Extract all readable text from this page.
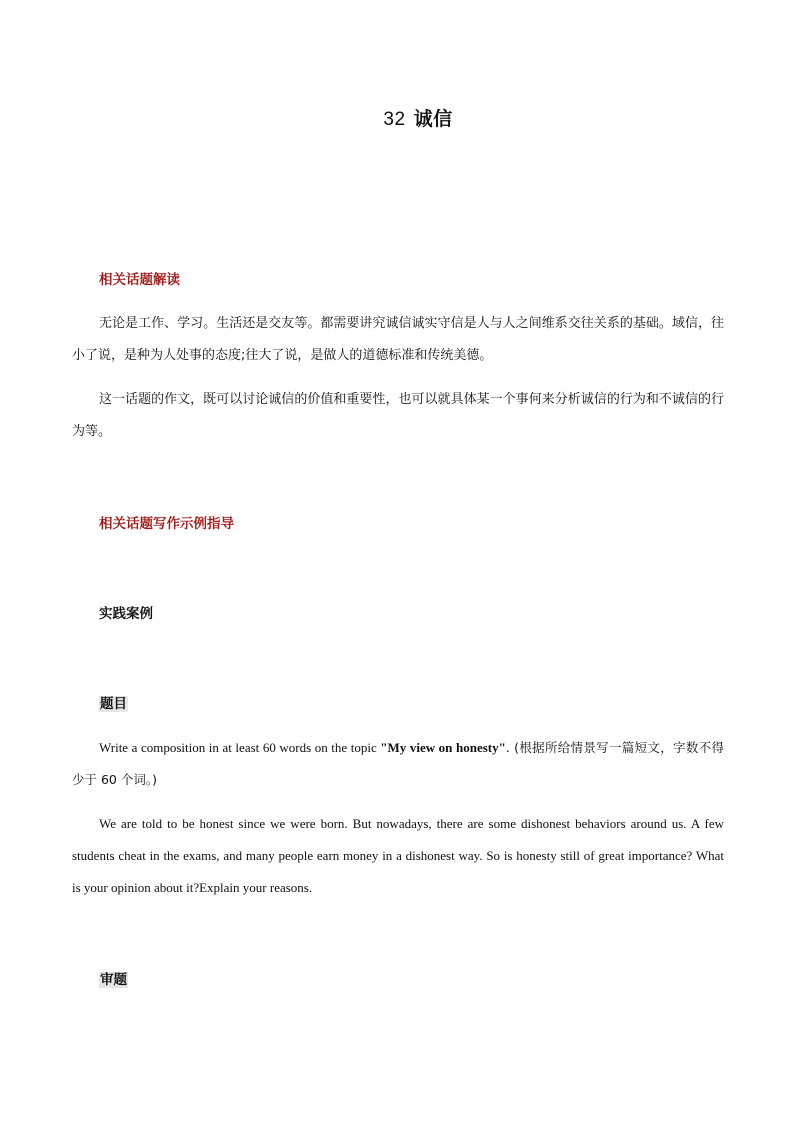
32 诚信
相关话题解读
无论是工作、学习。生活还是交友等。都需要讲究诚信诚实守信是人与人之间维系交往关系的基础。域信，往小了说，是种为人处事的态度;往大了说，是做人的道德标准和传统美德。
这一话题的作文，既可以讨论诚信的价值和重要性，也可以就具体某一个事何来分析诚信的行为和不诚信的行为等。
相关话题写作示例指导
实践案例
题目
Write a composition in at least 60 words on the topic "My view on honesty". (根据所给情景写一篇短文，字数不得少于 60 个词。)
We are told to be honest since we were born. But nowadays, there are some dishonest behaviors around us. A few students cheat in the exams, and many people earn money in a dishonest way. So is honesty still of great importance? What is your opinion about it?Explain your reasons.
审题
